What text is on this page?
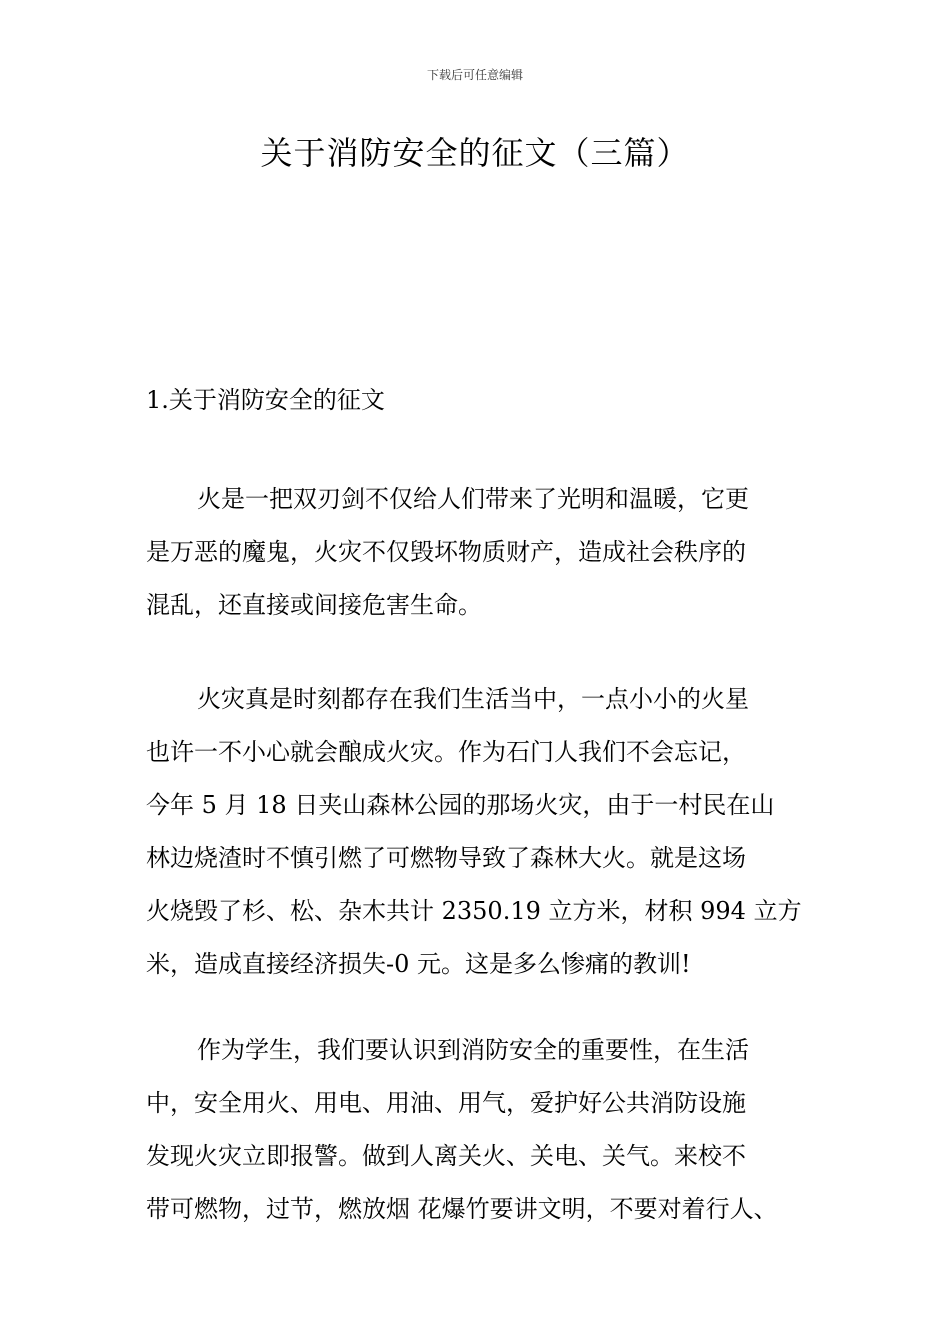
下载后可任意编辑
关于消防安全的征文（三篇）
1.关于消防安全的征文
火是一把双刃剑不仅给人们带来了光明和温暖，它更
是万恶的魔鬼，火灾不仅毁坏物质财产，造成社会秩序的
混乱，还直接或间接危害生命。
火灾真是时刻都存在我们生活当中，一点小小的火星
也许一不小心就会酿成火灾。作为石门人我们不会忘记，
今年 5 月 18 日夹山森林公园的那场火灾，由于一村民在山
林边烧渣时不慎引燃了可燃物导致了森林大火。就是这场
火烧毁了杉、松、杂木共计 2350.19 立方米，材积 994 立方
米，造成直接经济损失-0 元。这是多么惨痛的教训!
作为学生，我们要认识到消防安全的重要性，在生活
中，安全用火、用电、用油、用气，爱护好公共消防设施
发现火灾立即报警。做到人离关火、关电、关气。来校不
带可燃物，过节，燃放烟 花爆竹要讲文明，不要对着行人、
